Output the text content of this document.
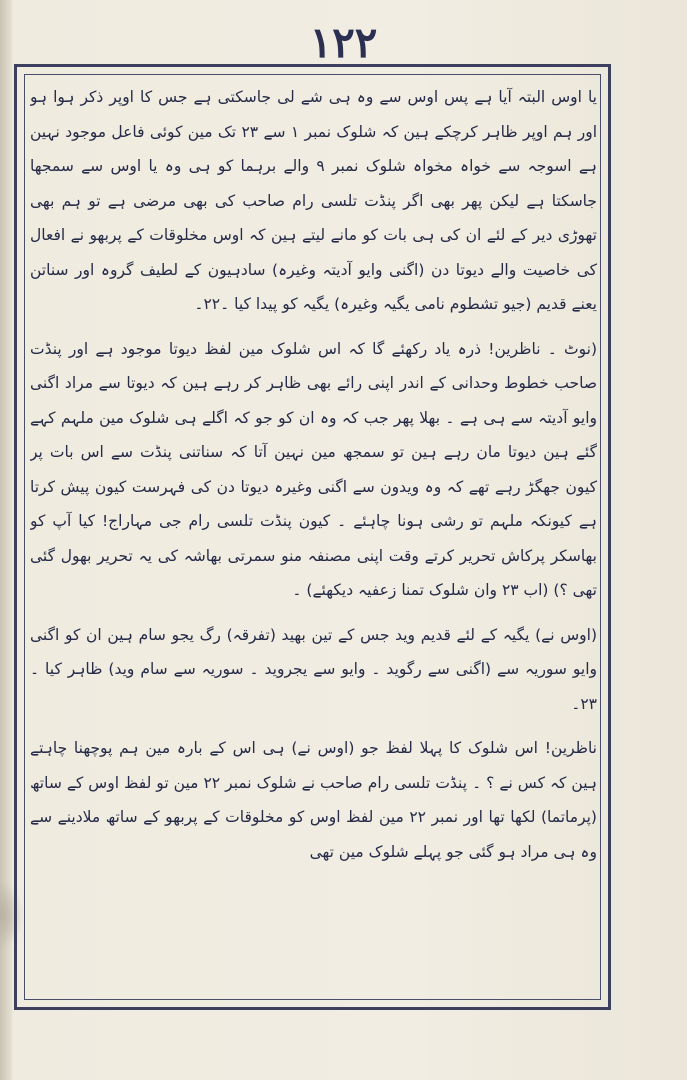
۱۲۲

یا اوس البتہ آیا ہے پس اوس سے وہ ہی شے لی جاسکتی ہے جس کا اوپر ذکر ہوا ہو اور ہم اوپر ظاہر کرچکے ہین کہ شلوک نمبر ۱ سے ۲۳ تک مین کوئی فاعل موجود نہین ہے اسوجہ سے خواہ مخواہ شلوک نمبر ۹ والے برہما کو ہی وہ یا اوس سے سمجھا جاسکتا ہے لیکن پھر بھی اگر پنڈت تلسی رام صاحب کی بھی مرضی ہے تو ہم بھی تھوڑی دیر کے لئے ان کی ہی بات کو مانے لیتے ہین کہ اوس مخلوقات کے پربھو نے افعال کی خاصیت والے دیوتا دن (اگنی وایو آدیتہ وغیرہ) سادہیون کے لطیف گروہ اور سناتن یعنے قدیم (جیو تشطوم نامی یگیہ وغیرہ) یگیہ کو پیدا کیا ۔۲۲۔

(نوٹ ۔ ناظرین! ذرہ یاد رکھئے گا کہ اس شلوک مین لفظ دیوتا موجود ہے اور پنڈت صاحب خطوط وحدانی کے اندر اپنی رائے بھی ظاہر کر رہے ہین کہ دیوتا سے مراد اگنی وایو آدیتہ سے ہی ہے ۔ بھلا پھر جب کہ وہ ان کو جو کہ اگلے ہی شلوک مین ملہم کہے گئے ہین دیوتا مان رہے ہین تو سمجھ مین نہین آتا کہ سناتنی پنڈت سے اس بات پر کیون جھگڑ رہے تھے کہ وہ ویدون سے اگنی وغیرہ دیوتا دن کی فہرست کیون پیش کرتا ہے کیونکہ ملہم تو رشی ہونا چاہئے ۔ کیون پنڈت تلسی رام جی مہاراج! کیا آپ کو بھاسکر پرکاش تحریر کرتے وقت اپنی مصنفہ منو سمرتی بھاشہ کی یہ تحریر بھول گئی تھی ؟) (اب ۲۳ وان شلوک تمنا زعفیہ دیکھئے) ۔

(اوس نے) یگیہ کے لئے قدیم وید جس کے تین بھید (تفرقہ) رگ یجو سام ہین ان کو اگنی وایو سوریہ سے (اگنی سے رگوید ۔ وایو سے یجروید ۔ سوریہ سے سام وید) ظاہر کیا ۔۲۳۔

ناظرین! اس شلوک کا پہلا لفظ جو (اوس نے) ہی اس کے بارہ مین ہم پوچھنا چاہتے ہین کہ کس نے ؟ ۔ پنڈت تلسی رام صاحب نے شلوک نمبر ۲۲ مین تو لفظ اوس کے ساتھ (پرماتما) لکھا تھا اور نمبر ۲۲ مین لفظ اوس کو مخلوقات کے پربھو کے ساتھ ملادینے سے وہ ہی مراد ہو گئی جو پہلے شلوک مین تھی
